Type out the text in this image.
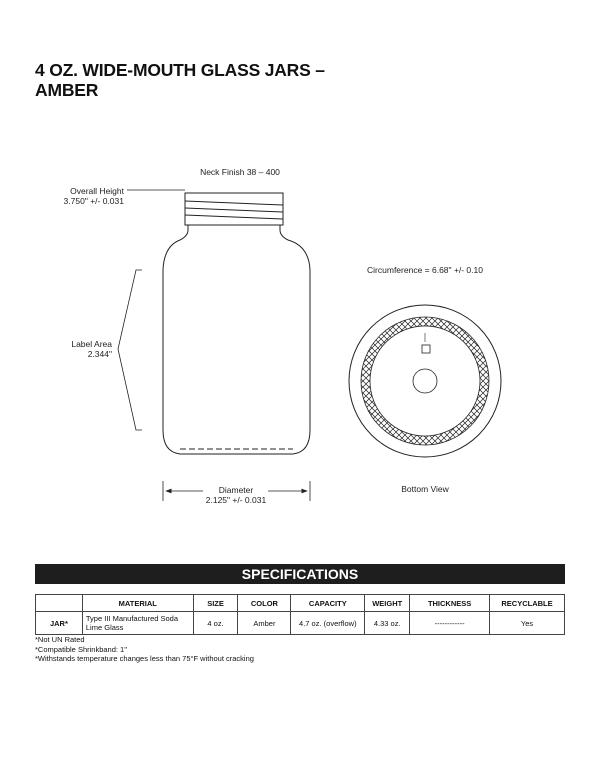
4 OZ. WIDE-MOUTH GLASS JARS –
AMBER
Neck Finish 38 – 400
Overall Height
3.750" +/- 0.031
Label Area
2.344"
Diameter
2.125" +/- 0.031
Circumference = 6.68" +/- 0.10
Bottom View
SPECIFICATIONS
	MATERIAL	SIZE	COLOR	CAPACITY	WEIGHT	THICKNESS	RECYCLABLE
JAR*	Type III Manufactured Soda Lime Glass	4 oz.	Amber	4.7 oz. (overflow)	4.33 oz.	------------	Yes
*Not UN Rated
*Compatible Shrinkband: 1"
*Withstands temperature changes less than 75°F without cracking
